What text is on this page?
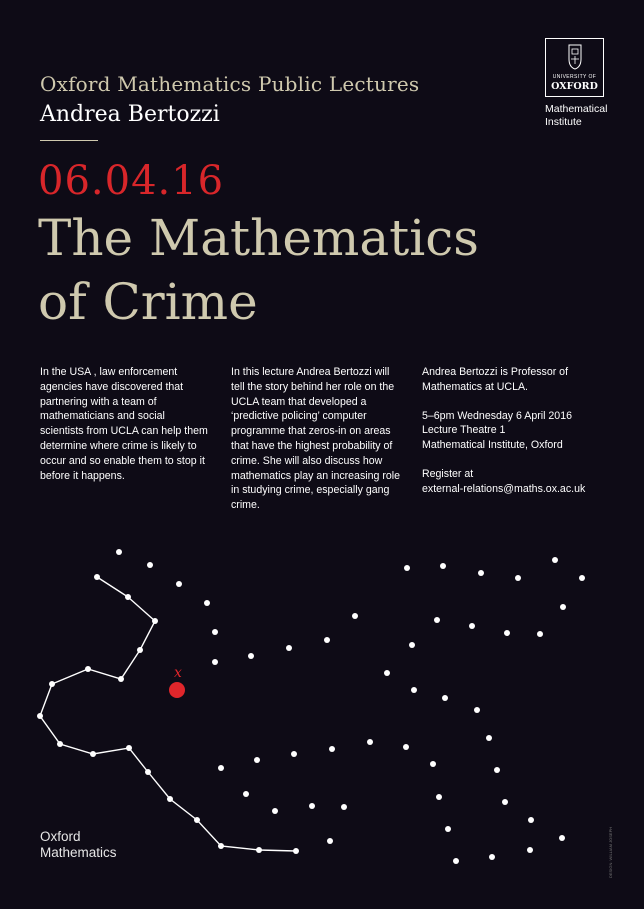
Oxford Mathematics Public Lectures
Andrea Bertozzi
06.04.16
The Mathematics
of Crime
In the USA , law enforcement agencies have discovered that partnering with a team of mathematicians and social scientists from UCLA can help them determine where crime is likely to occur and so enable them to stop it before it happens.
In this lecture Andrea Bertozzi will tell the story behind her role on the UCLA team that developed a ‘predictive policing’ computer programme that zeros-in on areas that have the highest probability of crime. She will also discuss how mathematics play an increasing role in studying crime, especially gang crime.

Andrea Bertozzi is Professor of Mathematics at UCLA.

5–6pm Wednesday 6 April 2016
Lecture Theatre 1
Mathematical Institute, Oxford

Register at
external-relations@maths.ox.ac.uk

UNIVERSITY OF
OXFORD
Mathematical
Institute
x
Oxford
Mathematics	DESIGN: WILLIAM JOSEPH
